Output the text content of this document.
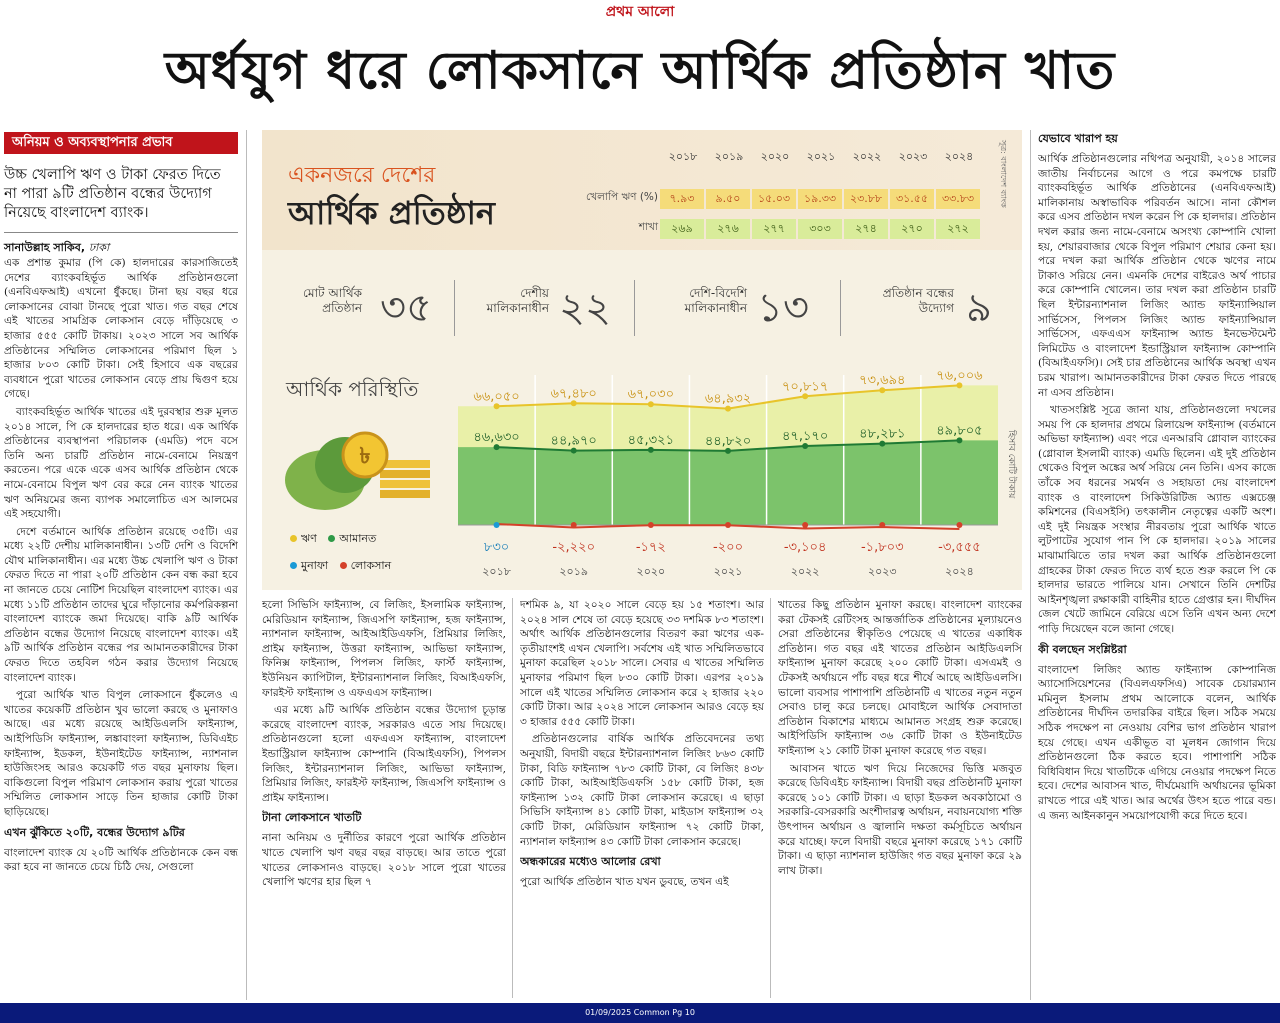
প্রথম আলো
অর্ধযুগ ধরে লোকসানে আর্থিক প্রতিষ্ঠান খাত
অনিয়ম ও অব্যবস্থাপনার প্রভাব
উচ্চ খেলাপি ঋণ ও টাকা ফেরত দিতে না পারা ৯টি প্রতিষ্ঠান বন্ধের উদ্যোগ নিয়েছে বাংলাদেশ ব্যাংক।
সানাউল্লাহ সাকিব, ঢাকা

এক প্রশান্ত কুমার (পি কে) হালদারের কারসাজিতেই দেশের ব্যাংকবহির্ভূত আর্থিক প্রতিষ্ঠানগুলো (এনবিএফআই) এখনো ধুঁকছে। টানা ছয় বছর ধরে লোকসানের বোঝা টানছে পুরো খাত। গত বছর শেষে এই খাতের সামগ্রিক লোকসান বেড়ে দাঁড়িয়েছে ৩ হাজার ৫৫৫ কোটি টাকায়। ২০২৩ সালে সব আর্থিক প্রতিষ্ঠানের সম্মিলিত লোকসানের পরিমাণ ছিল ১ হাজার ৮০৩ কোটি টাকা। সেই হিসাবে এক বছরের ব্যবধানে পুরো খাতের লোকসান বেড়ে প্রায় দ্বিগুণ হয়ে গেছে।

ব্যাংকবহির্ভূত আর্থিক খাতের এই দুরবস্থার শুরু মূলত ২০১৪ সালে, পি কে হালদারের হাত ধরে। এক আর্থিক প্রতিষ্ঠানের ব্যবস্থাপনা পরিচালক (এমডি) পদে বসে তিনি অন্য চারটি প্রতিষ্ঠান নামে-বেনামে নিয়ন্ত্রণ করতেন। পরে একে একে এসব আর্থিক প্রতিষ্ঠান থেকে নামে-বেনামে বিপুল ঋণ বের করে নেন ব্যাংক খাতের ঋণ অনিয়মের জন্য ব্যাপক সমালোচিত এস আলমের এই সহযোগী।

দেশে বর্তমানে আর্থিক প্রতিষ্ঠান রয়েছে ৩৫টি। এর মধ্যে ২২টি দেশীয় মালিকানাধীন। ১৩টি দেশি ও বিদেশি যৌথ মালিকানাধীন। এর মধ্যে উচ্চ খেলাপি ঋণ ও টাকা ফেরত দিতে না পারা ২০টি প্রতিষ্ঠান কেন বন্ধ করা হবে না জানতে চেয়ে নোটিশ দিয়েছিল বাংলাদেশ ব্যাংক। এর মধ্যে ১১টি প্রতিষ্ঠান তাদের ঘুরে দাঁড়ানোর কর্মপরিকল্পনা বাংলাদেশ ব্যাংকে জমা দিয়েছে। বাকি ৯টি আর্থিক প্রতিষ্ঠান বন্ধের উদ্যোগ নিয়েছে বাংলাদেশ ব্যাংক। এই ৯টি আর্থিক প্রতিষ্ঠান বন্ধের পর আমানতকারীদের টাকা ফেরত দিতে তহবিল গঠন করার উদ্যোগ নিয়েছে বাংলাদেশ ব্যাংক।

পুরো আর্থিক খাত বিপুল লোকসানে ধুঁকলেও এ খাতের কয়েকটি প্রতিষ্ঠান খুব ভালো করছে ও মুনাফাও আছে। এর মধ্যে রয়েছে আইডিএলসি ফাইন্যান্স, আইপিডিসি ফাইন্যান্স, লঙ্কাবাংলা ফাইন্যান্স, ডিবিএইচ ফাইন্যান্স, ইডকল, ইউনাইটেড ফাইন্যান্স, ন্যাশনাল হাউজিংসহ আরও কয়েকটি গত বছর মুনাফায় ছিল। বাকিগুলো বিপুল পরিমাণ লোকসান করায় পুরো খাতের সম্মিলিত লোকসান সাড়ে তিন হাজার কোটি টাকা ছাড়িয়েছে।

এখন ঝুঁকিতে ২০টি, বন্ধের উদ্যোগ ৯টির

বাংলাদেশ ব্যাংক যে ২০টি আর্থিক প্রতিষ্ঠানকে কেন বন্ধ করা হবে না জানতে চেয়ে চিঠি দেয়, সেগুলো

একনজরে দেশের
আর্থিক প্রতিষ্ঠান
২০১৮ ২০১৯ ২০২০ ২০২১ ২০২২ ২০২৩ ২০২৪
খেলাপি ঋণ (%)	৭.৯৩ ৯.৫০ ১৫.০৩ ১৯.৩৩ ২৩.৮৮ ৩১.৫৫ ৩৩.৮৩
শাখা	২৬৯ ২৭৬ ২৭৭ ৩০৩ ২৭৪ ২৭০ ২৭২
সূত্র: বাংলাদেশ ব্যাংক
মোট আর্থিক প্রতিষ্ঠান ৩৫	দেশীয় মালিকানাধীন ২২	দেশি-বিদেশি মালিকানাধীন ১৩	প্রতিষ্ঠান বন্ধের উদ্যোগ ৯
আর্থিক পরিস্থিতি
৳
ঋণ আমানত
মুনাফা লোকসান
হিসাব কোটি টাকায়
৬৬,০৫০ ৬৭,৪৮০ ৬৭,০৩০ ৬৪,৯৩২
৭০,৮১৭ ৭৩,৬৯৪ ৭৬,০০৬
৪৬,৬৩০ ৪৪,৯৭০ ৪৫,৩২১ ৪৪,৮২০ ৪৭,১৭০ ৪৮,২৮১ ৪৯,৮০৫
৮৩০
২০১৮
-২,২২০
২০১৯
-১৭২
২০২০
-২০০
২০২১
-৩,১০৪
২০২২
-১,৮০৩
২০২৩
-৩,৫৫৫
২০২৪

হলো সিভিসি ফাইন্যান্স, বে লিজিং, ইসলামিক ফাইন্যান্স, মেরিডিয়ান ফাইন্যান্স, জিএসপি ফাইন্যান্স, হজ ফাইন্যান্স, ন্যাশনাল ফাইন্যান্স, আইআইডিএফসি, প্রিমিয়ার লিজিং, প্রাইম ফাইন্যান্স, উত্তরা ফাইন্যান্স, আভিভা ফাইন্যান্স, ফিনিক্স ফাইন্যান্স, পিপলস লিজিং, ফার্স্ট ফাইন্যান্স, ইউনিয়ন ক্যাপিটাল, ইন্টারন্যাশনাল লিজিং, বিআইএফসি, ফারইস্ট ফাইন্যান্স ও এফএএস ফাইন্যান্স।

এর মধ্যে ৯টি আর্থিক প্রতিষ্ঠান বন্ধের উদ্যোগ চূড়ান্ত করেছে বাংলাদেশ ব্যাংক, সরকারও এতে সায় দিয়েছে। প্রতিষ্ঠানগুলো হলো এফএএস ফাইন্যান্স, বাংলাদেশ ইন্ডাস্ট্রিয়াল ফাইন্যান্স কোম্পানি (বিআইএফসি), পিপলস লিজিং, ইন্টারন্যাশনাল লিজিং, আভিভা ফাইন্যান্স, প্রিমিয়ার লিজিং, ফারইস্ট ফাইন্যান্স, জিএসপি ফাইন্যান্স ও প্রাইম ফাইন্যান্স।

টানা লোকসানে খাতটি

নানা অনিয়ম ও দুর্নীতির কারণে পুরো আর্থিক প্রতিষ্ঠান খাতে খেলাপি ঋণ বছর বছর বাড়ছে। আর তাতে পুরো খাতের লোকসানও বাড়ছে। ২০১৮ সালে পুরো খাতের খেলাপি ঋণের হার ছিল ৭

দশমিক ৯, যা ২০২০ সালে বেড়ে হয় ১৫ শতাংশ। আর ২০২৪ সাল শেষে তা বেড়ে হয়েছে ৩৩ দশমিক ৮৩ শতাংশ। অর্থাৎ আর্থিক প্রতিষ্ঠানগুলোর বিতরণ করা ঋণের এক-তৃতীয়াংশই এখন খেলাপি। সর্বশেষ এই খাত সম্মিলিতভাবে মুনাফা করেছিল ২০১৮ সালে। সেবার এ খাতের সম্মিলিত মুনাফার পরিমাণ ছিল ৮৩০ কোটি টাকা। এরপর ২০১৯ সালে এই খাতের সম্মিলিত লোকসান করে ২ হাজার ২২০ কোটি টাকা। আর ২০২৪ সালে লোকসান আরও বেড়ে হয় ৩ হাজার ৫৫৫ কোটি টাকা।

প্রতিষ্ঠানগুলোর বার্ষিক আর্থিক প্রতিবেদনের তথ্য অনুযায়ী, বিদায়ী বছরে ইন্টারন্যাশনাল লিজিং ৮৬৩ কোটি টাকা, বিডি ফাইন্যান্স ৭৮৩ কোটি টাকা, বে লিজিং ৪৩৮ কোটি টাকা, আইআইডিএফসি ১৫৮ কোটি টাকা, হজ ফাইন্যান্স ১৩২ কোটি টাকা লোকসান করেছে। এ ছাড়া সিভিসি ফাইন্যান্স ৪১ কোটি টাকা, মাইডাস ফাইন্যান্স ৩২ কোটি টাকা, মেরিডিয়ান ফাইন্যান্স ৭২ কোটি টাকা, ন্যাশনাল ফাইন্যান্স ৪৩ কোটি টাকা লোকসান করেছে।

অন্ধকারের মধ্যেও আলোর রেখা

পুরো আর্থিক প্রতিষ্ঠান খাত যখন ডুবছে, তখন এই

খাতের কিছু প্রতিষ্ঠান মুনাফা করছে। বাংলাদেশ ব্যাংকের করা টেকসই রেটিংসহ আন্তর্জাতিক প্রতিষ্ঠানের মূল্যায়নেও সেরা প্রতিষ্ঠানের স্বীকৃতিও পেয়েছে এ খাতের একাধিক প্রতিষ্ঠান। গত বছর এই খাতের প্রতিষ্ঠান আইডিএলসি ফাইন্যান্স মুনাফা করেছে ২০০ কোটি টাকা। এসএমই ও টেকসই অর্থায়নে পাঁচ বছর ধরে শীর্ষে আছে আইডিএলসি। ভালো ব্যবসার পাশাপাশি প্রতিষ্ঠানটি এ খাতের নতুন নতুন সেবাও চালু করে চলছে। মোবাইলে আর্থিক সেবাদাতা প্রতিষ্ঠান বিকাশের মাধ্যমে আমানত সংগ্রহ শুরু করেছে। আইপিডিসি ফাইন্যান্স ৩৬ কোটি টাকা ও ইউনাইটেড ফাইন্যান্স ২১ কোটি টাকা মুনাফা করেছে গত বছর।

আবাসন খাতে ঋণ দিয়ে নিজেদের ভিত্তি মজবুত করেছে ডিবিএইচ ফাইন্যান্স। বিদায়ী বছর প্রতিষ্ঠানটি মুনাফা করেছে ১০১ কোটি টাকা। এ ছাড়া ইডকল অবকাঠামো ও সরকারি-বেসরকারি অংশীদারত্ব অর্থায়ন, নবায়নযোগ্য শক্তি উৎপাদন অর্থায়ন ও জ্বালানি দক্ষতা কর্মসূচিতে অর্থায়ন করে যাচ্ছে। ফলে বিদায়ী বছরে মুনাফা করেছে ১৭১ কোটি টাকা। এ ছাড়া ন্যাশনাল হাউজিং গত বছর মুনাফা করে ২৯ লাখ টাকা।

যেভাবে খারাপ হয়

আর্থিক প্রতিষ্ঠানগুলোর নথিপত্র অনুযায়ী, ২০১৪ সালের জাতীয় নির্বাচনের আগে ও পরে কমপক্ষে চারটি ব্যাংকবহির্ভূত আর্থিক প্রতিষ্ঠানের (এনবিএফআই) মালিকানায় অস্বাভাবিক পরিবর্তন আসে। নানা কৌশল করে এসব প্রতিষ্ঠান দখল করেন পি কে হালদার। প্রতিষ্ঠান দখল করার জন্য নামে-বেনামে অসংখ্য কোম্পানি খোলা হয়, শেয়ারবাজার থেকে বিপুল পরিমাণ শেয়ার কেনা হয়। পরে দখল করা আর্থিক প্রতিষ্ঠান থেকে ঋণের নামে টাকাও সরিয়ে নেন। এমনকি দেশের বাইরেও অর্থ পাচার করে কোম্পানি খোলেন। তার দখল করা প্রতিষ্ঠান চারটি ছিল ইন্টারন্যাশনাল লিজিং অ্যান্ড ফাইন্যান্সিয়াল সার্ভিসেস, পিপলস লিজিং অ্যান্ড ফাইন্যান্সিয়াল সার্ভিসেস, এফএএস ফাইন্যান্স অ্যান্ড ইনভেস্টমেন্ট লিমিটেড ও বাংলাদেশ ইন্ডাস্ট্রিয়াল ফাইন্যান্স কোম্পানি (বিআইএফসি)। সেই চার প্রতিষ্ঠানের আর্থিক অবস্থা এখন চরম খারাপ। আমানতকারীদের টাকা ফেরত দিতে পারছে না এসব প্রতিষ্ঠান।

খাতসংশ্লিষ্ট সূত্রে জানা যায়, প্রতিষ্ঠানগুলো দখলের সময় পি কে হালদার প্রথমে রিলায়েন্স ফাইন্যান্স (বর্তমানে অভিভা ফাইন্যান্স) এবং পরে এনআরবি গ্লোবাল ব্যাংকের (গ্লোবাল ইসলামী ব্যাংক) এমডি ছিলেন। এই দুই প্রতিষ্ঠান থেকেও বিপুল অঙ্কের অর্থ সরিয়ে নেন তিনি। এসব কাজে তাঁকে সব ধরনের সমর্থন ও সহায়তা দেয় বাংলাদেশ ব্যাংক ও বাংলাদেশ সিকিউরিটিজ অ্যান্ড এক্সচেঞ্জ কমিশনের (বিএসইসি) তৎকালীন নেতৃত্বের একটি অংশ। এই দুই নিয়ন্ত্রক সংস্থার নীরবতায় পুরো আর্থিক খাতে লুটপাটের সুযোগ পান পি কে হালদার। ২০১৯ সালের মাঝামাঝিতে তার দখল করা আর্থিক প্রতিষ্ঠানগুলো গ্রাহকের টাকা ফেরত দিতে ব্যর্থ হতে শুরু করলে পি কে হালদার ভারতে পালিয়ে যান। সেখানে তিনি দেশটির আইনশৃঙ্খলা রক্ষাকারী বাহিনীর হাতে গ্রেপ্তার হন। দীর্ঘদিন জেল খেটে জামিনে বেরিয়ে এসে তিনি এখন অন্য দেশে পাড়ি দিয়েছেন বলে জানা গেছে।

কী বলছেন সংশ্লিষ্টরা

বাংলাদেশ লিজিং অ্যান্ড ফাইন্যান্স কোম্পানিজ অ্যাসোসিয়েশনের (বিএলএফসিএ) সাবেক চেয়ারম্যান মমিনুল ইসলাম প্রথম আলোকে বলেন, আর্থিক প্রতিষ্ঠানের দীর্ঘদিন তদারকির বাইরে ছিল। সঠিক সময়ে সঠিক পদক্ষেপ না নেওয়ায় বেশির ভাগ প্রতিষ্ঠান খারাপ হয়ে গেছে। এখন একীভূত বা মূলধন জোগান দিয়ে প্রতিষ্ঠানগুলো ঠিক করতে হবে। পাশাপাশি সঠিক বিধিবিধান দিয়ে খাতটিকে এগিয়ে নেওয়ার পদক্ষেপ নিতে হবে। দেশের আবাসন খাত, দীর্ঘমেয়াদি অর্থায়নের ভূমিকা রাখতে পারে এই খাত। আর অর্থের উৎস হতে পারে বন্ড। এ জন্য আইনকানুন সময়োপযোগী করে দিতে হবে।

01/09/2025 Common Pg 10
